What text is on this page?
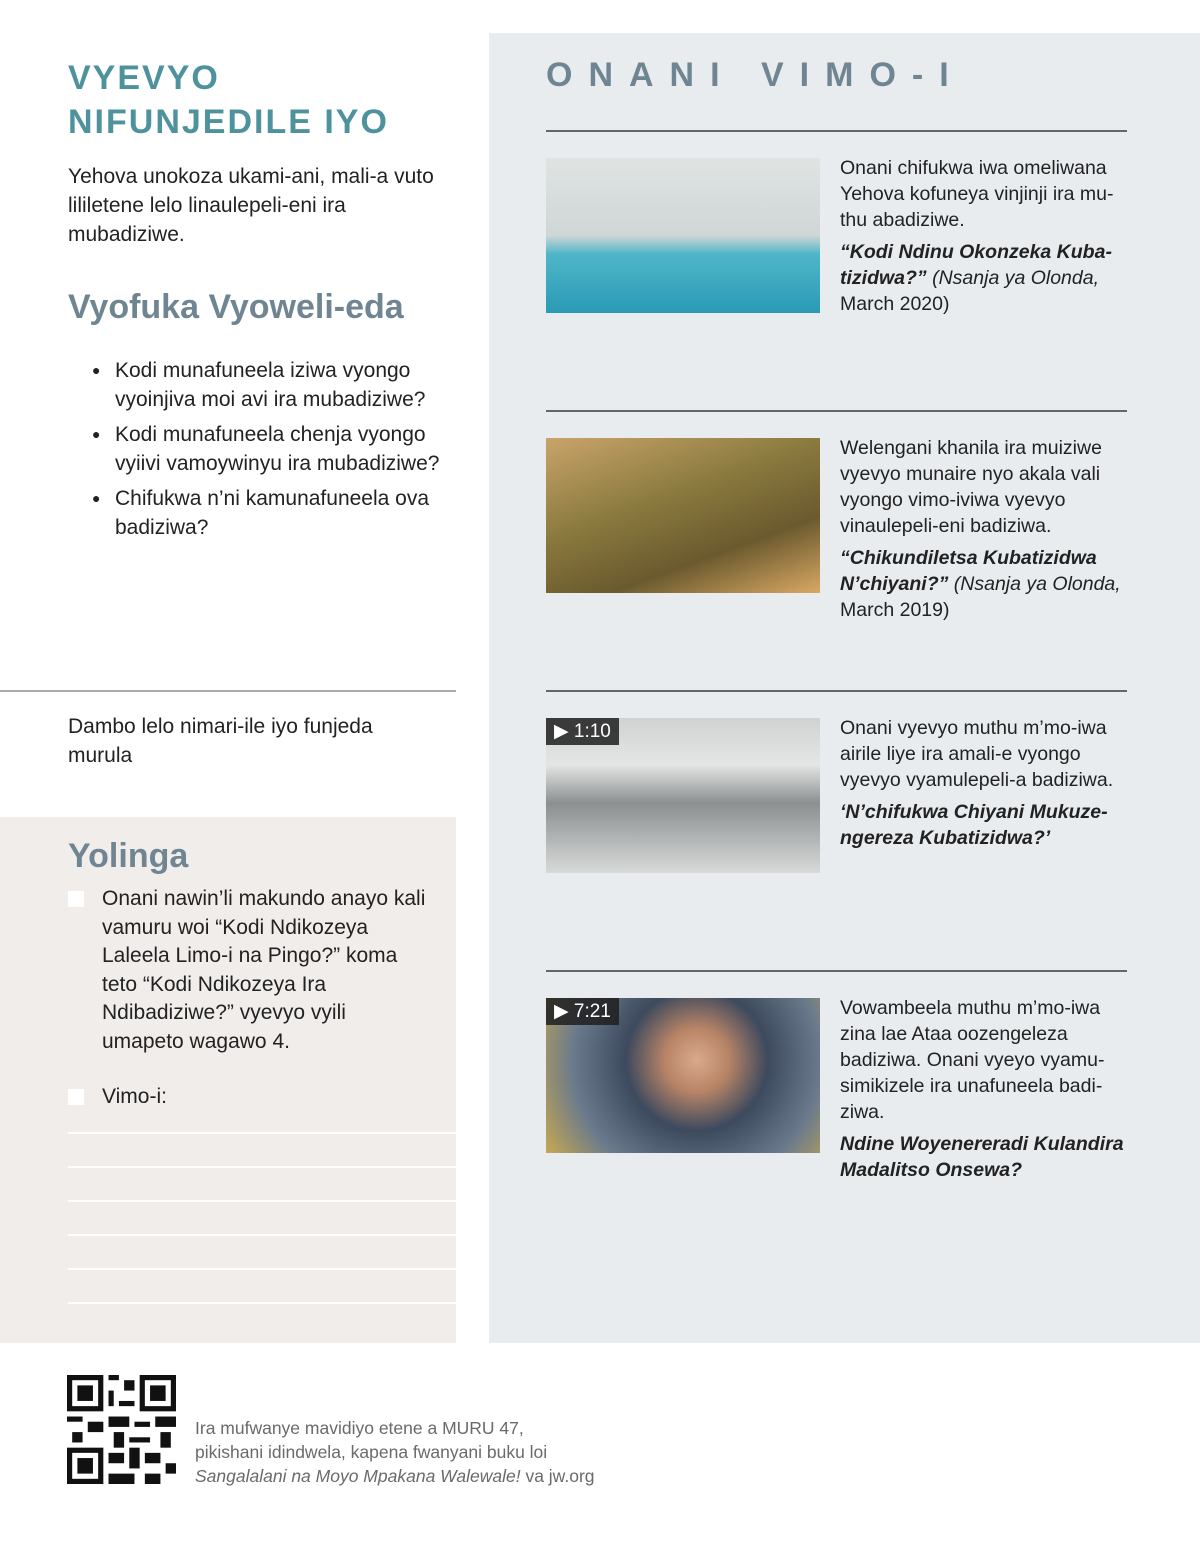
VYEVYO
NIFUNJEDILE IYO
Yehova unokoza ukami-ani, mali-a vuto lilileten​e lelo linaulepeli-eni ira mubadiziwe.
Vyofuka Vyoweli-eda
● Kodi munafuneela iziwa vyongo vyoinjiva moi avi ira mubadiziwe?
● Kodi munafuneela chenja vyongo vyiivi vamoywinyu ira mubadiziwe?
● Chifukwa n’ni kamunafuneela ova badiziwa?
Dambo lelo nimari-ile iyo funjeda murula
Yolinga
Onani nawin’li makundo anayo kali vamuru woi “Kodi Ndikozeya Laleela Limo-i na Pingo?” koma teto “Kodi Ndikozeya Ira Ndibadiziwe?” vyevyo vyili umapeto wagawo 4.
Vimo-i:
ONANI VIMO-I
Onani chifukwa iwa omeliwana Yehova kofuneya vinjinji ira muthu abadiziwe.
“Kodi Ndinu Okonzeka Kubatizidwa?” (Nsanja ya Olonda,
March 2020)
Welengani khanila ira muiziwe vyevyo munaire nyo akala vali vyongo vimo-iviwa vyevyo vinaulepeli-eni badiziwa.
“Chikundiletsa Kubatizidwa N’chiyani?” (Nsanja ya Olonda,
March 2019)
▶ 1:10	Onani vyevyo muthu m’mo-iwa airile liye ira amali-e vyongo vyevyo vyamulepeli-a badiziwa.
‘N’chifukwa Chiyani Mukuzengereza Kubatizidwa?’
▶ 7:21	Vowambeela muthu m’mo-iwa zina lae Ataa oozengeleza badiziwa. Onani vyeyo vyamusimikizele ira unafuneela badiziwa.
Ndine Woyenereradi Kulandira Madalitso Onsewa?
Ira mufwanye mavidiyo etene a MURU 47,
pikishani idindwela, kapena fwanyani buku loi
Sangalalani na Moyo Mpakana Walewale! va jw.org
